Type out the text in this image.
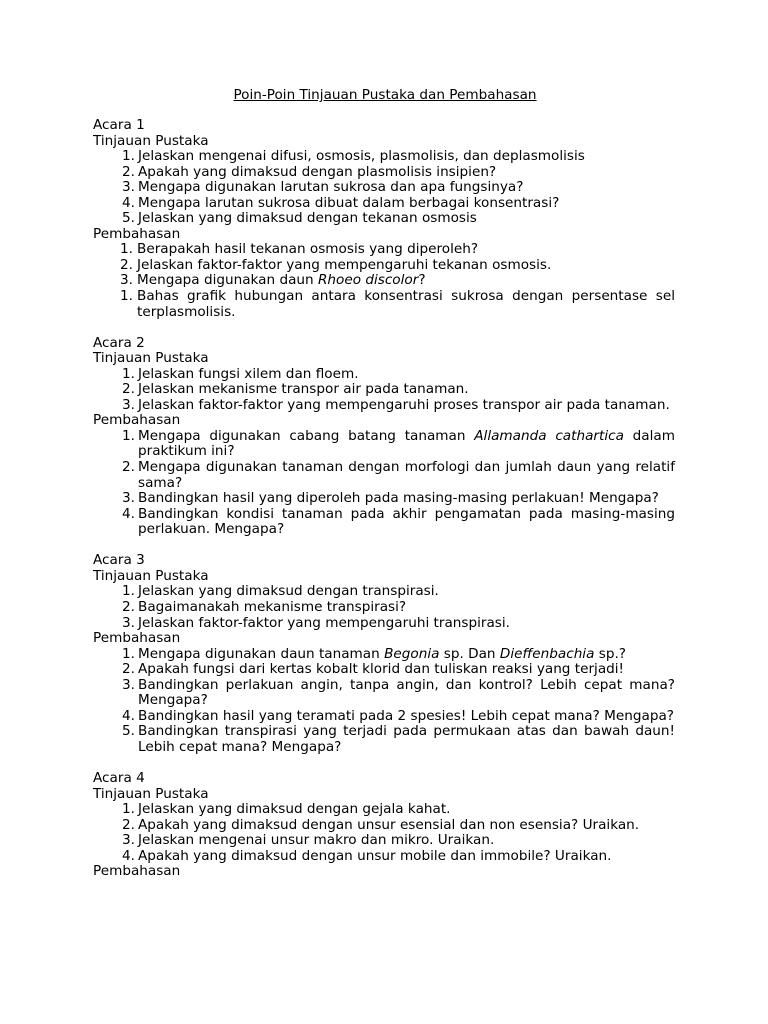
Poin-Poin Tinjauan Pustaka dan Pembahasan
Acara 1
Tinjauan Pustaka
1. Jelaskan mengenai difusi, osmosis, plasmolisis, dan deplasmolisis
2. Apakah yang dimaksud dengan plasmolisis insipien?
3. Mengapa digunakan larutan sukrosa dan apa fungsinya?
4. Mengapa larutan sukrosa dibuat dalam berbagai konsentrasi?
5. Jelaskan yang dimaksud dengan tekanan osmosis
Pembahasan
1. Berapakah hasil tekanan osmosis yang diperoleh?
2. Jelaskan faktor-faktor yang mempengaruhi tekanan osmosis.
3. Mengapa digunakan daun Rhoeo discolor?
1. Bahas grafik hubungan antara konsentrasi sukrosa dengan persentase sel terplasmolisis.
Acara 2
Tinjauan Pustaka
1. Jelaskan fungsi xilem dan floem.
2. Jelaskan mekanisme transpor air pada tanaman.
3. Jelaskan faktor-faktor yang mempengaruhi proses transpor air pada tanaman.
Pembahasan
1. Mengapa digunakan cabang batang tanaman Allamanda cathartica dalam praktikum ini?
2. Mengapa digunakan tanaman dengan morfologi dan jumlah daun yang relatif sama?
3. Bandingkan hasil yang diperoleh pada masing-masing perlakuan! Mengapa?
4. Bandingkan kondisi tanaman pada akhir pengamatan pada masing-masing perlakuan. Mengapa?
Acara 3
Tinjauan Pustaka
1. Jelaskan yang dimaksud dengan transpirasi.
2. Bagaimanakah mekanisme transpirasi?
3. Jelaskan faktor-faktor yang mempengaruhi transpirasi.
Pembahasan
1. Mengapa digunakan daun tanaman Begonia sp. Dan Dieffenbachia sp.?
2. Apakah fungsi dari kertas kobalt klorid dan tuliskan reaksi yang terjadi!
3. Bandingkan perlakuan angin, tanpa angin, dan kontrol? Lebih cepat mana? Mengapa?
4. Bandingkan hasil yang teramati pada 2 spesies! Lebih cepat mana? Mengapa?
5. Bandingkan transpirasi yang terjadi pada permukaan atas dan bawah daun! Lebih cepat mana? Mengapa?
Acara 4
Tinjauan Pustaka
1. Jelaskan yang dimaksud dengan gejala kahat.
2. Apakah yang dimaksud dengan unsur esensial dan non esensia? Uraikan.
3. Jelaskan mengenai unsur makro dan mikro. Uraikan.
4. Apakah yang dimaksud dengan unsur mobile dan immobile? Uraikan.
Pembahasan
